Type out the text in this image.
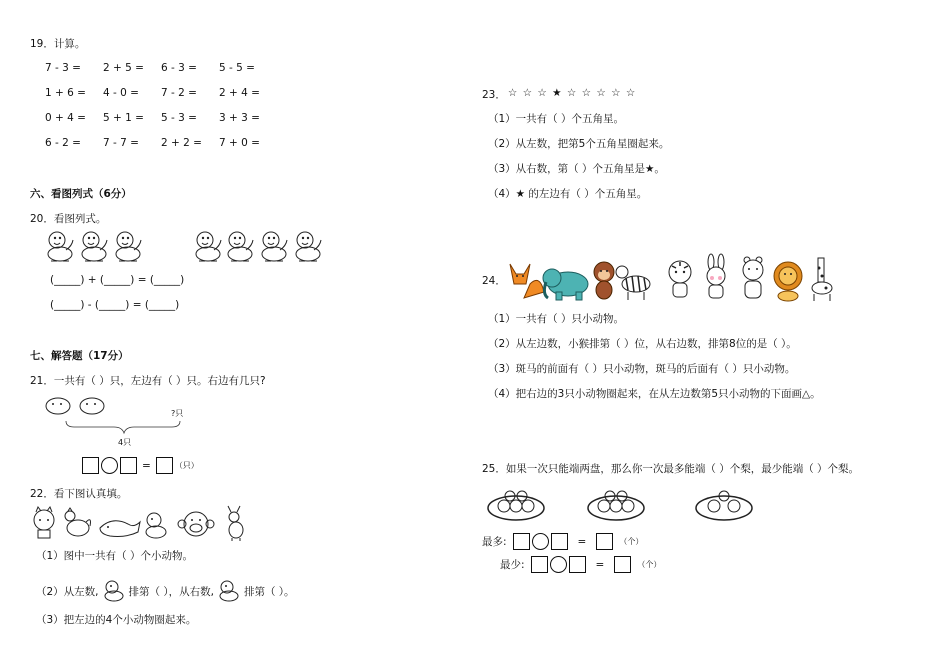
19．计算。
7 - 3 =	2 + 5 =	6 - 3 =	5 - 5 =
1 + 6 =	4 - 0 =	7 - 2 =	2 + 4 =
0 + 4 =	5 + 1 =	5 - 3 =	3 + 3 =
6 - 2 =	7 - 7 =	2 + 2 =	7 + 0 =
六、看图列式（6分）
20．看图列式。
(_____) + (_____) = (_____)
(_____) - (_____) = (_____)
七、解答题（17分）
21．一共有（ ）只，左边有（ ）只。右边有几只?
?只
4只
=	（只）
22．看下图认真填。
（1）图中一共有（ ）个小动物。
（2）从左数,	排第（ ），从右数,	排第（ ）。
（3）把左边的4个小动物圈起来。
23． ☆ ☆ ☆ ★ ☆ ☆ ☆ ☆ ☆
（1）一共有（ ）个五角星。
（2）从左数，把第5个五角星圈起来。
（3）从右数，第（ ）个五角星是★。
（4）★ 的左边有（ ）个五角星。
24．
（1）一共有（ ）只小动物。
（2）从左边数，小猴排第（ ）位，从右边数，排第8位的是（ ）。
（3）斑马的前面有（ ）只小动物，斑马的后面有（ ）只小动物。
（4）把右边的3只小动物圈起来，在从左边数第5只小动物的下面画△。
25．如果一次只能端两盘，那么你一次最多能端（ ）个梨，最少能端（ ）个梨。
最多:	=	（个）
最少:	=	（个）
